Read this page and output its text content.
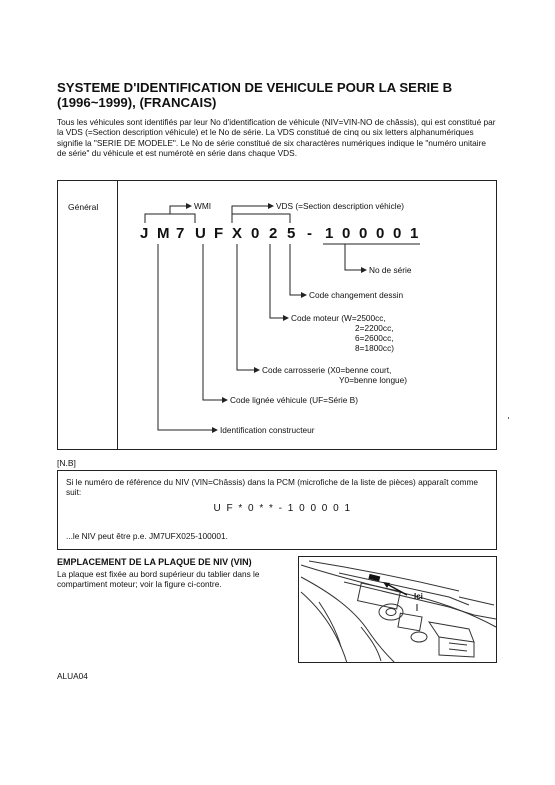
SYSTEME D'IDENTIFICATION DE VEHICULE POUR LA SERIE B (1996~1999), (FRANCAIS)

Tous les véhicules sont identifiés par leur No d'identification de véhicule (NIV=VIN-NO de châssis), qui est constitué par la VDS (=Section description véhicule) et le No de série. La VDS constitué de cinq ou six letters alphanumériques signifie la "SERIE DE MODELE". Le No de série constitué de six charactères numériques indique le "numéro unitaire de série" du véhicule et est numérotè en série dans chaque VDS.

Général
J M 7 U F X 0 2 5 - 1 0 0 0 0 1
WMI	VDS (=Section description véhicle)
No de série
Code changement dessin
Code moteur (W=2500cc,
2=2200cc,
6=2600cc,
8=1800cc)
Code carrosserie (X0=benne court,
Y0=benne longue)
Code lignée véhicule (UF=Série B)
Identification constructeur
[N.B]

Si le numéro de référence du NIV (VIN=Châssis) dans la PCM (microfiche de la liste de pièces) apparaît comme suit:

U F * 0 * * - 1 0 0 0 0 1
...le NIV peut être p.e. JM7UFX025-100001.
EMPLACEMENT DE LA PLAQUE DE NIV (VIN)

La plaque est fixée au bord supérieur du tablier dans le compartiment moteur; voir la figure ci-contre.

Ici
ALUA04
